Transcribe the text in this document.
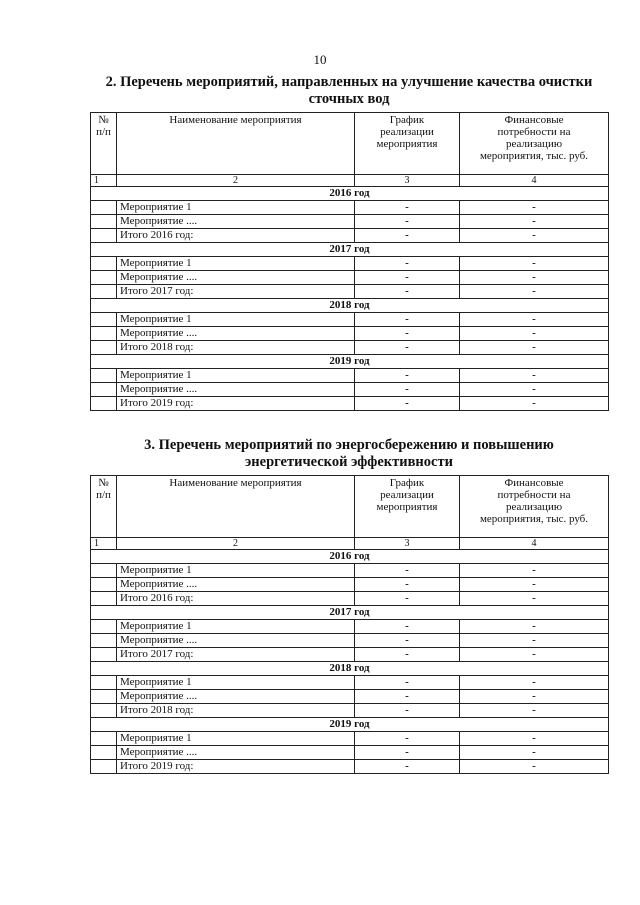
10
2. Перечень мероприятий, направленных на улучшение качества очистки
сточных вод
№
п/п	Наименование мероприятия	График
реализации
мероприятия	Финансовые
потребности на
реализацию
мероприятия, тыс. руб.
1	2	3	4
2016 год			
	Мероприятие 1	-	-
	Мероприятие ....	-	-
	Итого 2016 год:	-	-
2017 год			
	Мероприятие 1	-	-
	Мероприятие ....	-	-
	Итого 2017 год:	-	-
2018 год			
	Мероприятие 1	-	-
	Мероприятие ....	-	-
	Итого 2018 год:	-	-
2019 год			
	Мероприятие 1	-	-
	Мероприятие ....	-	-
	Итого 2019 год:	-	-
3. Перечень мероприятий по энергосбережению и повышению
энергетической эффективности
№
п/п	Наименование мероприятия	График
реализации
мероприятия	Финансовые
потребности на
реализацию
мероприятия, тыс. руб.
1	2	3	4
2016 год			
	Мероприятие 1	-	-
	Мероприятие ....	-	-
	Итого 2016 год:	-	-
2017 год			
	Мероприятие 1	-	-
	Мероприятие ....	-	-
	Итого 2017 год:	-	-
2018 год			
	Мероприятие 1	-	-
	Мероприятие ....	-	-
	Итого 2018 год:	-	-
2019 год			
	Мероприятие 1	-	-
	Мероприятие ....	-	-
	Итого 2019 год:	-	-
